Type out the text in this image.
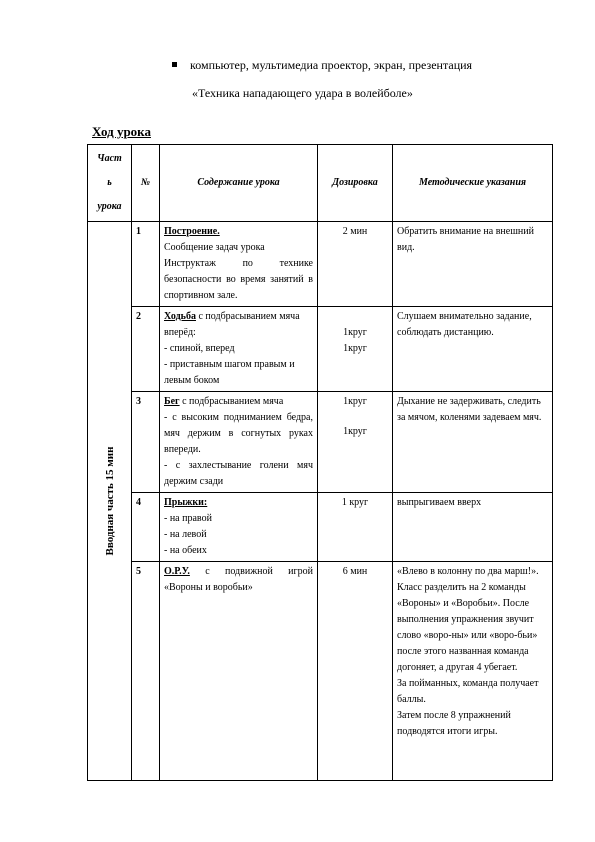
компьютер, мультимедиа проектор, экран, презентация
«Техника нападающего удара в волейболе»
Ход урока
Част
ь
урока	№	Содержание урока	Дозировка	Методические указания

Вводная часть 15 мин	1	Построение.
Сообщение задач урока
Инструктаж по технике безопасности во время занятий в спортивном зале.	2 мин	Обратить внимание на внешний вид.
	2	Ходьба с подбрасыванием мяча вперёд:
- спиной, вперед
- приставным шагом правым и левым боком	1круг
1круг	Слушаем внимательно задание, соблюдать дистанцию.
	3	Бег с подбрасыванием мяча
- с высоким подниманием бедра, мяч держим в согнутых руках впереди.
- с захлестывание голени мяч держим сзади	1круг
1круг	Дыхание не задерживать, следить за мячом, коленями задеваем мяч.
	4	Прыжки:
- на правой
- на левой
- на обеих	1 круг	выпрыгиваем вверх
	5	О.Р.У. с подвижной игрой «Вороны и воробьи»	6 мин	«Влево в колонну по два марш!». Класс разделить на 2 команды «Вороны» и «Воробьи». После выполнения упражнения звучит слово «воро-ны» или «воро-бьи» после этого названная команда догоняет, а другая 4 убегает.
За пойманных, команда получает баллы.
Затем после 8 упражнений подводятся итоги игры.
